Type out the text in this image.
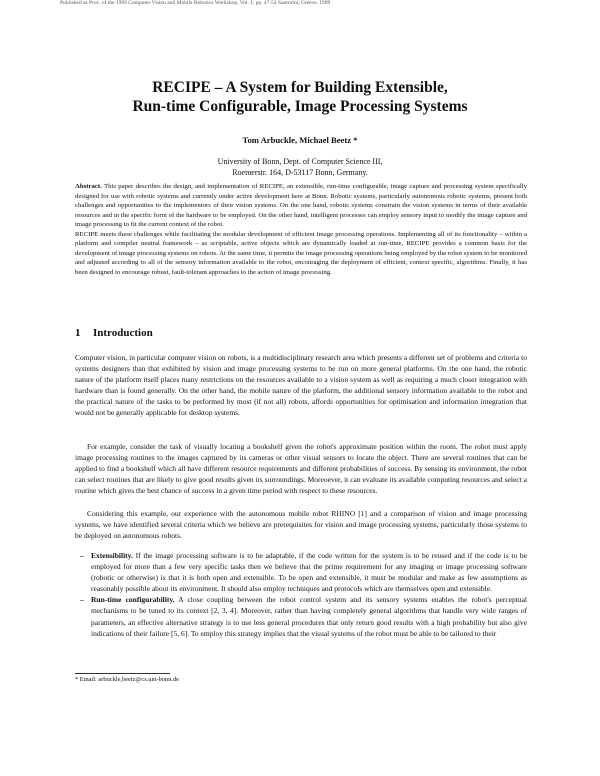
Published as Proc. of the 1999 Computer Vision and Mobile Robotics Workshop, Vol. 1, pp. 47-54 Santorini, Greece, 1999
RECIPE – A System for Building Extensible,
Run-time Configurable, Image Processing Systems
Tom Arbuckle, Michael Beetz *
University of Bonn, Dept. of Computer Science III,
Roemerstr. 164, D-53117 Bonn, Germany.

Abstract. This paper describes the design, and implementation of RECIPE, an extensible, run-time configurable, image capture and processing system specifically designed for use with robotic systems and currently under active development here at Bonn. Robotic systems, particularly autonomous robotic systems, present both challenges and opportunities to the implementors of their vision systems. On the one hand, robotic systems constrain the vision systems in terms of their available resources and in the specific form of the hardware to be employed. On the other hand, intelligent processes can employ sensory input to modify the image capture and image processing to fit the current context of the robot.

RECIPE meets these challenges while facilitating the modular development of efficient image processing operations. Implementing all of its functionality – within a platform and compiler neutral framework – as scriptable, active objects which are dynamically loaded at run-time, RECIPE provides a common basis for the development of image processing systems on robots. At the same time, it permits the image processing operations being employed by the robot system to be monitored and adjusted according to all of the sensory information available to the robot, encouraging the deployment of efficient, context specific, algorithms. Finally, it has been designed to encourage robust, fault-tolerant approaches to the action of image processing.

1 Introduction

Computer vision, in particular computer vision on robots, is a multidisciplinary research area which presents a different set of problems and criteria to systems designers than that exhibited by vision and image processing systems to be run on more general platforms. On the one hand, the robotic nature of the platform itself places many restrictions on the resources available to a vision system as well as requiring a much closer integration with hardware than is found generally. On the other hand, the mobile nature of the platform, the additional sensory information available to the robot and the practical nature of the tasks to be performed by most (if not all) robots, affords opportunities for optimisation and information integration that would not be generally applicable for desktop systems.

For example, consider the task of visually locating a bookshelf given the robot's approximate position within the room. The robot must apply image processing routines to the images captured by its cameras or other visual sensors to locate the object. There are several routines that can be applied to find a bookshelf which all have different resource requirements and different probabilities of success. By sensing its environment, the robot can select routines that are likely to give good results given its surroundings. Moreoever, it can evaluate its available computing resources and select a routine which gives the best chance of success in a given time period with respect to these resources.

Considering this example, our experience with the autonomous mobile robot RHINO [1] and a comparison of vision and image processing systems, we have identified several criteria which we believe are prerequisites for vision and image processing systems, particularly those systems to be deployed on autonomous robots.

– Extensibility. If the image processing software is to be adaptable, if the code written for the system is to be reused and if the code is to be employed for more than a few very specific tasks then we believe that the prime requirement for any imaging or image processing software (robotic or otherwise) is that it is both open and extensible. To be open and extensible, it must be modular and make as few assumptions as reasonably possible about its environment. It should also employ techniques and protocols which are themselves open and extensible.
– Run-time configurability. A close coupling between the robot control system and its sensory systems enables the robot's perceptual mechanisms to be tuned to its context [2, 3, 4]. Moreover, rather than having completely general algorithms that handle very wide ranges of parameters, an effective alternative strategy is to use less general procedures that only return good results with a high probability but also give indications of their failure [5, 6]. To employ this strategy implies that the visual systems of the robot must be able to be tailored to their
* Email: arbuckle,beetz@cs.uni-bonn.de
